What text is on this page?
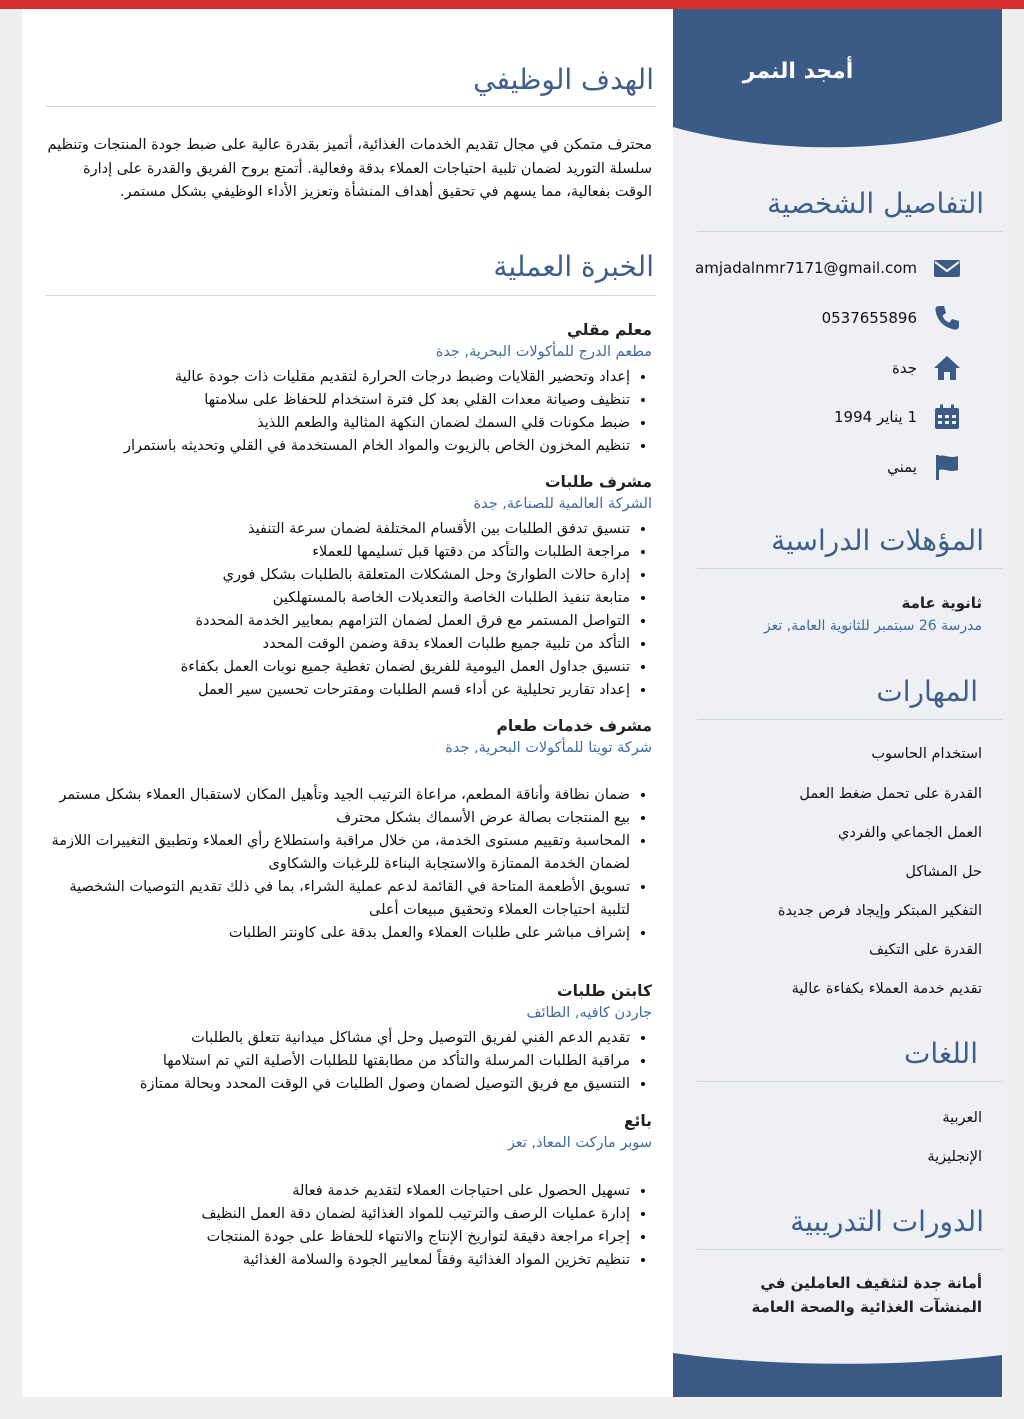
أمجد النمر
التفاصيل الشخصية
amjadalnmr7171@gmail.com
0537655896
جدة
1 يناير 1994
يمني
المؤهلات الدراسية
ثانوية عامة
مدرسة 26 سبتمبر للثانوية العامة, تعز
المهارات
استخدام الحاسوب
القدرة على تحمل ضغط العمل
العمل الجماعي والفردي
حل المشاكل
التفكير المبتكر وإيجاد فرص جديدة
القدرة على التكيف
تقديم خدمة العملاء بكفاءة عالية
اللغات
العربية
الإنجليزية
الدورات التدريبية
أمانة جدة لتثقيف العاملين في
المنشآت الغذائية والصحة العامة
الهدف الوظيفي
محترف متمكن في مجال تقديم الخدمات الغذائية، أتميز بقدرة عالية على ضبط جودة المنتجات وتنظيم سلسلة التوريد لضمان تلبية احتياجات العملاء بدقة وفعالية. أتمتع بروح الفريق والقدرة على إدارة الوقت بفعالية، مما يسهم في تحقيق أهداف المنشأة وتعزيز الأداء الوظيفي بشكل مستمر.
الخبرة العملية
معلم مقلي
مطعم الدرج للمأكولات البحرية, جدة
• إعداد وتحضير القلايات وضبط درجات الحرارة لتقديم مقليات ذات جودة عالية
• تنظيف وصيانة معدات القلي بعد كل فترة استخدام للحفاظ على سلامتها
• ضبط مكونات قلي السمك لضمان النكهة المثالية والطعم اللذيذ
• تنظيم المخزون الخاص بالزيوت والمواد الخام المستخدمة في القلي وتحديثه باستمرار
مشرف طلبات
الشركة العالمية للصناعة, جدة
• تنسيق تدفق الطلبات بين الأقسام المختلفة لضمان سرعة التنفيذ
• مراجعة الطلبات والتأكد من دقتها قبل تسليمها للعملاء
• إدارة حالات الطوارئ وحل المشكلات المتعلقة بالطلبات بشكل فوري
• متابعة تنفيذ الطلبات الخاصة والتعديلات الخاصة بالمستهلكين
• التواصل المستمر مع فرق العمل لضمان التزامهم بمعايير الخدمة المحددة
• التأكد من تلبية جميع طلبات العملاء بدقة وضمن الوقت المحدد
• تنسيق جداول العمل اليومية للفريق لضمان تغطية جميع نوبات العمل بكفاءة
• إعداد تقارير تحليلية عن أداء قسم الطلبات ومقترحات تحسين سير العمل
مشرف خدمات طعام
شركة تويتا للمأكولات البحرية, جدة
• ضمان نظافة وأناقة المطعم، مراعاة الترتيب الجيد وتأهيل المكان لاستقبال العملاء بشكل مستمر
• بيع المنتجات بصالة عرض الأسماك بشكل محترف
• المحاسبة وتقييم مستوى الخدمة، من خلال مراقبة واستطلاع رأي العملاء وتطبيق التغييرات اللازمة لضمان الخدمة الممتازة والاستجابة البناءة للرغبات والشكاوى
• تسويق الأطعمة المتاحة في القائمة لدعم عملية الشراء، بما في ذلك تقديم التوصيات الشخصية لتلبية احتياجات العملاء وتحقيق مبيعات أعلى
• إشراف مباشر على طلبات العملاء والعمل بدقة على كاونتر الطلبات
كابتن طلبات
جاردن كافيه, الطائف
• تقديم الدعم الفني لفريق التوصيل وحل أي مشاكل ميدانية تتعلق بالطلبات
• مراقبة الطلبات المرسلة والتأكد من مطابقتها للطلبات الأصلية التي تم استلامها
• التنسيق مع فريق التوصيل لضمان وصول الطلبات في الوقت المحدد وبحالة ممتازة
بائع
سوبر ماركت المعاذ, تعز
• تسهيل الحصول على احتياجات العملاء لتقديم خدمة فعالة
• إدارة عمليات الرصف والترتيب للمواد الغذائية لضمان دقة العمل النظيف
• إجراء مراجعة دقيقة لتواريخ الإنتاج والانتهاء للحفاظ على جودة المنتجات
• تنظيم تخزين المواد الغذائية وفقاً لمعايير الجودة والسلامة الغذائية
